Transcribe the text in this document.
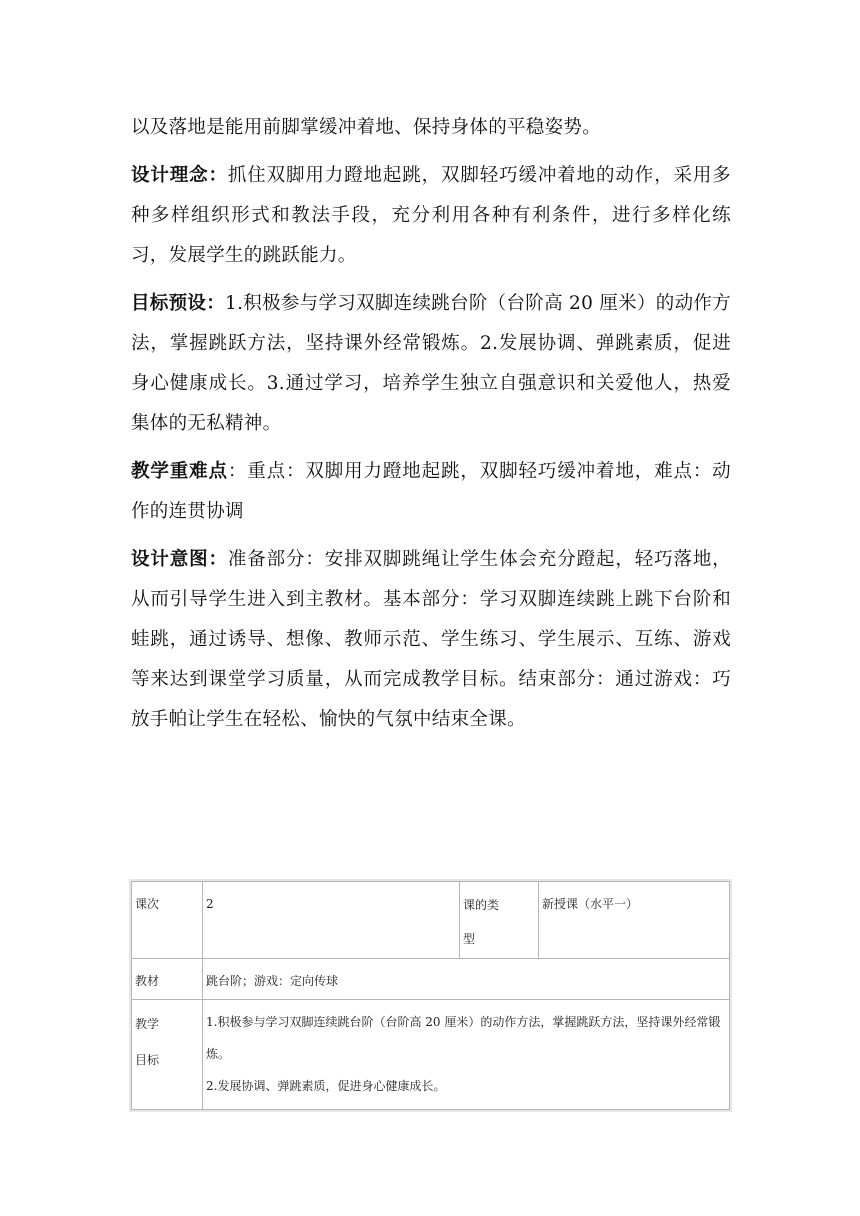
以及落地是能用前脚掌缓冲着地、保持身体的平稳姿势。

设计理念：抓住双脚用力蹬地起跳，双脚轻巧缓冲着地的动作，采用多种多样组织形式和教法手段，充分利用各种有利条件，进行多样化练习，发展学生的跳跃能力。

目标预设：1.积极参与学习双脚连续跳台阶（台阶高 20 厘米）的动作方法，掌握跳跃方法，坚持课外经常锻炼。2.发展协调、弹跳素质，促进身心健康成长。3.通过学习，培养学生独立自强意识和关爱他人，热爱集体的无私精神。

教学重难点：重点：双脚用力蹬地起跳，双脚轻巧缓冲着地，难点：动作的连贯协调

设计意图：准备部分：安排双脚跳绳让学生体会充分蹬起，轻巧落地，从而引导学生进入到主教材。基本部分：学习双脚连续跳上跳下台阶和蛙跳，通过诱导、想像、教师示范、学生练习、学生展示、互练、游戏等来达到课堂学习质量，从而完成教学目标。结束部分：通过游戏：巧放手帕让学生在轻松、愉快的气氛中结束全课。

课次	2	课的类型	新授课（水平一）
教材	跳台阶；游戏：定向传球		

教学目标	1.积极参与学习双脚连续跳台阶（台阶高 20 厘米）的动作方法，掌握跳跃方法，坚持课外经常锻炼。
2.发展协调、弹跳素质，促进身心健康成长。		
